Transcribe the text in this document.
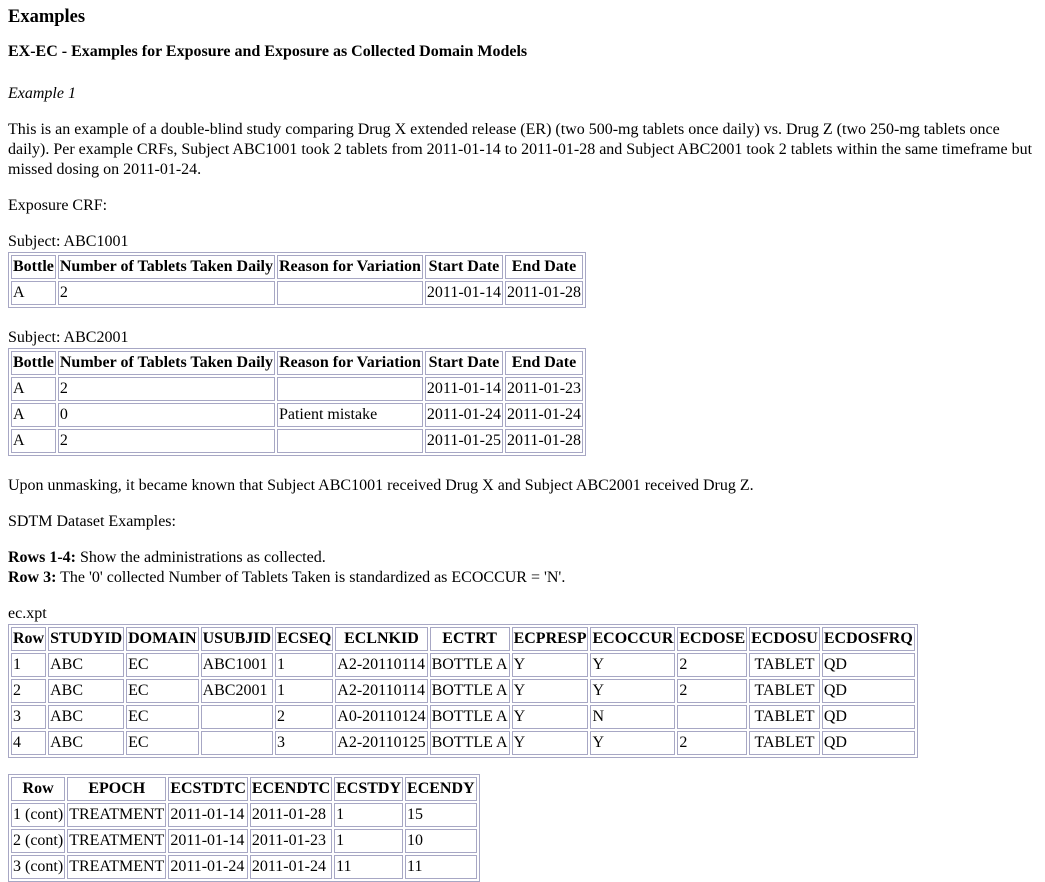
Examples
EX-EC - Examples for Exposure and Exposure as Collected Domain Models

Example 1

This is an example of a double-blind study comparing Drug X extended release (ER) (two 500-mg tablets once daily) vs. Drug Z (two 250-mg tablets once daily). Per example CRFs, Subject ABC1001 took 2 tablets from 2011-01-14 to 2011-01-28 and Subject ABC2001 took 2 tablets within the same timeframe but missed dosing on 2011-01-24.

Exposure CRF:

Subject: ABC1001
Bottle	Number of Tablets Taken Daily	Reason for Variation	Start Date	End Date
A	2		2011-01-14	2011-01-28
Subject: ABC2001
Bottle	Number of Tablets Taken Daily	Reason for Variation	Start Date	End Date
A	2		2011-01-14	2011-01-23
A	0	Patient mistake	2011-01-24	2011-01-24
A	2		2011-01-25	2011-01-28

Upon unmasking, it became known that Subject ABC1001 received Drug X and Subject ABC2001 received Drug Z.

SDTM Dataset Examples:

Rows 1-4: Show the administrations as collected.

Row 3: The '0' collected Number of Tablets Taken is standardized as ECOCCUR = 'N'.

ec.xpt
Row	STUDYID	DOMAIN	USUBJID	ECSEQ	ECLNKID	ECTRT	ECPRESP	ECOCCUR	ECDOSE	ECDOSU	ECDOSFRQ
1	ABC	EC	ABC1001	1	A2-20110114	BOTTLE A	Y	Y	2	TABLET	QD
2	ABC	EC	ABC2001	1	A2-20110114	BOTTLE A	Y	Y	2	TABLET	QD
3	ABC	EC		2	A0-20110124	BOTTLE A	Y	N		TABLET	QD
4	ABC	EC		3	A2-20110125	BOTTLE A	Y	Y	2	TABLET	QD
Row	EPOCH	ECSTDTC	ECENDTC	ECSTDY	ECENDY
1 (cont)	TREATMENT	2011-01-14	2011-01-28	1	15
2 (cont)	TREATMENT	2011-01-14	2011-01-23	1	10
3 (cont)	TREATMENT	2011-01-24	2011-01-24	11	11
